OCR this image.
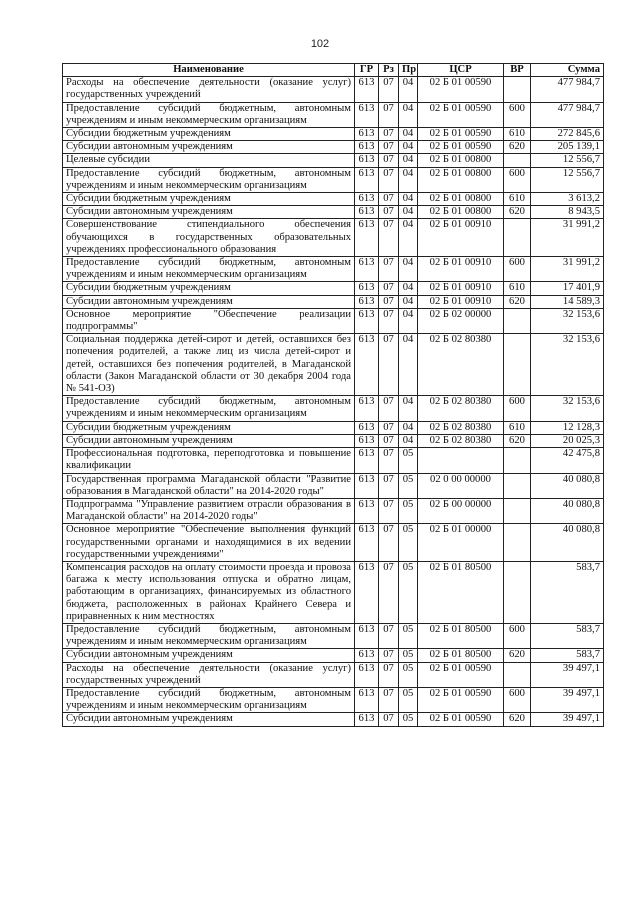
102
Наименование	ГР	Рз	Пр	ЦСР	ВР	Сумма
Расходы на обеспечение деятельности (оказание услуг) государственных учреждений	613	07	04	02 Б 01 00590		477 984,7
Предоставление субсидий бюджетным, автономным учреждениям и иным некоммерческим организациям	613	07	04	02 Б 01 00590	600	477 984,7
Субсидии бюджетным учреждениям	613	07	04	02 Б 01 00590	610	272 845,6
Субсидии автономным учреждениям	613	07	04	02 Б 01 00590	620	205 139,1
Целевые субсидии	613	07	04	02 Б 01 00800		12 556,7
Предоставление субсидий бюджетным, автономным учреждениям и иным некоммерческим организациям	613	07	04	02 Б 01 00800	600	12 556,7
Субсидии бюджетным учреждениям	613	07	04	02 Б 01 00800	610	3 613,2
Субсидии автономным учреждениям	613	07	04	02 Б 01 00800	620	8 943,5
Совершенствование стипендиального обеспечения обучающихся в государственных образовательных учреждениях профессионального образования	613	07	04	02 Б 01 00910		31 991,2
Предоставление субсидий бюджетным, автономным учреждениям и иным некоммерческим организациям	613	07	04	02 Б 01 00910	600	31 991,2
Субсидии бюджетным учреждениям	613	07	04	02 Б 01 00910	610	17 401,9
Субсидии автономным учреждениям	613	07	04	02 Б 01 00910	620	14 589,3
Основное мероприятие "Обеспечение реализации подпрограммы"	613	07	04	02 Б 02 00000		32 153,6
Социальная поддержка детей-сирот и детей, оставшихся без попечения родителей, а также лиц из числа детей-сирот и детей, оставшихся без попечения родителей, в Магаданской области (Закон Магаданской области от 30 декабря 2004 года № 541-ОЗ)	613	07	04	02 Б 02 80380		32 153,6
Предоставление субсидий бюджетным, автономным учреждениям и иным некоммерческим организациям	613	07	04	02 Б 02 80380	600	32 153,6
Субсидии бюджетным учреждениям	613	07	04	02 Б 02 80380	610	12 128,3
Субсидии автономным учреждениям	613	07	04	02 Б 02 80380	620	20 025,3
Профессиональная подготовка, переподготовка и повышение квалификации	613	07	05			42 475,8
Государственная программа Магаданской области "Развитие образования в Магаданской области" на 2014-2020 годы"	613	07	05	02 0 00 00000		40 080,8
Подпрограмма "Управление развитием отрасли образования в Магаданской области" на 2014-2020 годы"	613	07	05	02 Б 00 00000		40 080,8
Основное мероприятие "Обеспечение выполнения функций государственными органами и находящимися в их ведении государственными учреждениями"	613	07	05	02 Б 01 00000		40 080,8
Компенсация расходов на оплату стоимости проезда и провоза багажа к месту использования отпуска и обратно лицам, работающим в организациях, финансируемых из областного бюджета, расположенных в районах Крайнего Севера и приравненных к ним местностях	613	07	05	02 Б 01 80500		583,7
Предоставление субсидий бюджетным, автономным учреждениям и иным некоммерческим организациям	613	07	05	02 Б 01 80500	600	583,7
Субсидии автономным учреждениям	613	07	05	02 Б 01 80500	620	583,7
Расходы на обеспечение деятельности (оказание услуг) государственных учреждений	613	07	05	02 Б 01 00590		39 497,1
Предоставление субсидий бюджетным, автономным учреждениям и иным некоммерческим организациям	613	07	05	02 Б 01 00590	600	39 497,1
Субсидии автономным учреждениям	613	07	05	02 Б 01 00590	620	39 497,1
